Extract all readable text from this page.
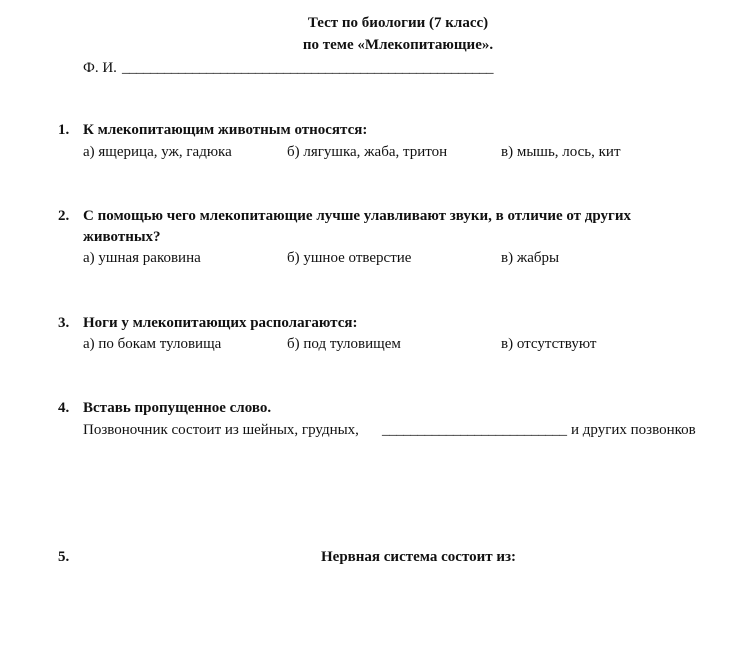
Тест по биологии (7 класс)
по теме «Млекопитающие».
Ф. И. _____________________________________________________
1. К млекопитающим животным относятся:
а) ящерица, уж, гадюка	б) лягушка, жаба, тритон	в) мышь, лось, кит
2. С помощью чего млекопитающие лучше улавливают звуки, в отличие от других
животных?
а) ушная раковина	б) ушное отверстие	в) жабры
3. Ноги у млекопитающих располагаются:
а) по бокам туловища	б) под туловищем	в) отсутствуют
4. Вставь пропущенное слово.
Позвоночник состоит из шейных, грудных, __________________________ и других позвонков
5.	Нервная система состоит из:
